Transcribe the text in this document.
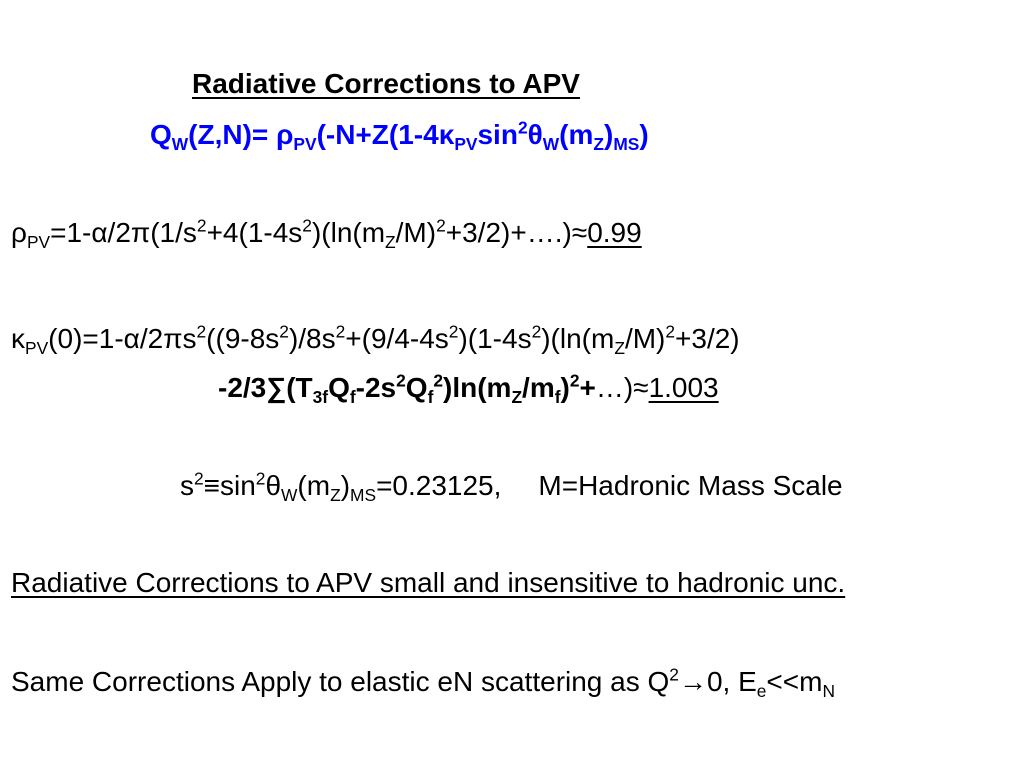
Radiative Corrections to APV
$Q_W(Z,N)= \rho_{PV}(-N+Z(1-4\kappa_{PV}\sin^2\theta_W(m_Z)_{MS})$
$\rho_{PV}=1-\alpha/2\pi(1/s^2+4(1-4s^2)(\ln(m_Z/M)^2+3/2)+\dots.)\approx 0.99$
$\kappa_{PV}(0)=1-\alpha/2\pi s^2((9-8s^2)/8s^2+(9/4-4s^2)(1-4s^2)(\ln(m_Z/M)^2+3/2)$
$-2/3\sum(T_{3f}Q_f-2s^2Q_f^2)\ln(m_Z/m_f)^2+\dots)\approx 1.003$
$s^2\equiv\sin^2\theta_W(m_Z)_{MS}=0.23125$, M=Hadronic Mass Scale
Radiative Corrections to APV small and insensitive to hadronic unc.
Same Corrections Apply to elastic eN scattering as $Q^2\to 0$, $E_e<<m_N$
